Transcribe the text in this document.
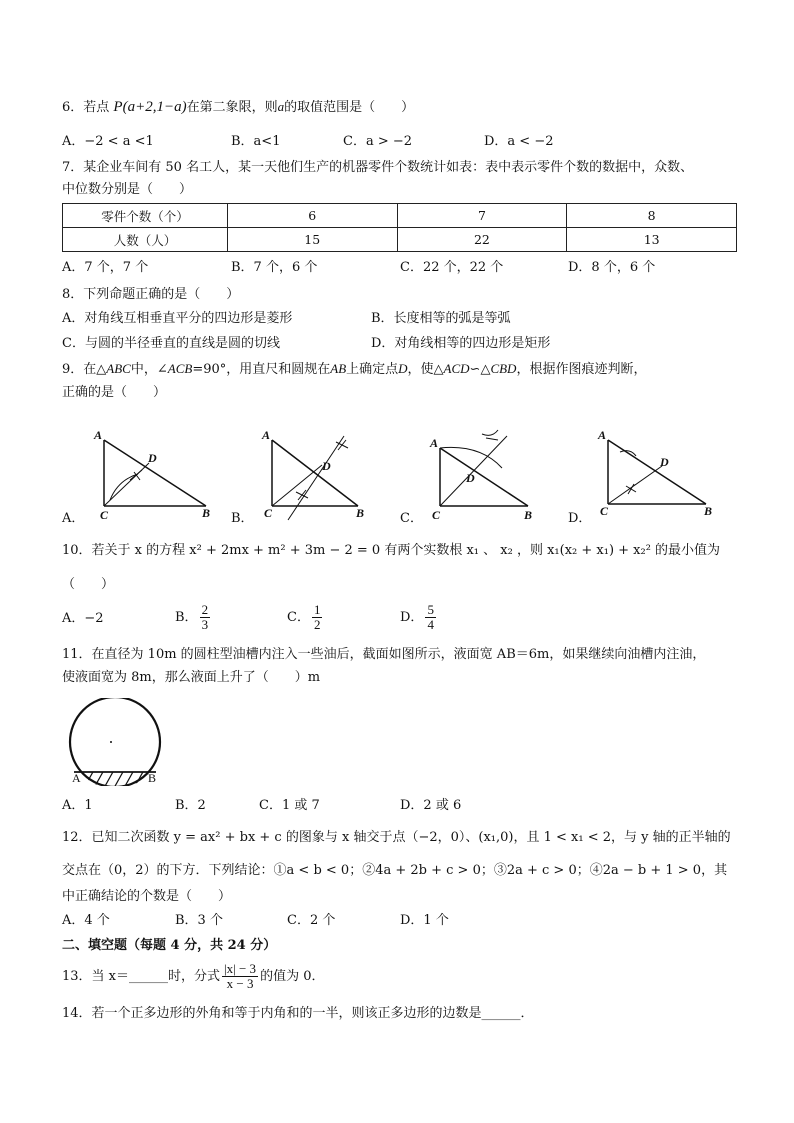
6．若点 P(a+2,1−a)在第二象限，则a的取值范围是（　　）
A．−2 < a <1	B．a<1	C．a > −2	D．a < −2
7．某企业车间有 50 名工人，某一天他们生产的机器零件个数统计如表：表中表示零件个数的数据中，众数、
中位数分别是（　　）
零件个数（个）	6	7	8
人数（人）	15	22	13
A．7 个，7 个	B．7 个，6 个	C．22 个，22 个	D．8 个，6 个
8．下列命题正确的是（　　）
A．对角线互相垂直平分的四边形是菱形	B．长度相等的弧是等弧
C．与圆的半径垂直的直线是圆的切线	D．对角线相等的四边形是矩形
9．在△ABC中，∠ACB=90°，用直尺和圆规在AB上确定点D，使△ACD∽△CBD，根据作图痕迹判断，
正确的是（　　）
A
D
C	B
A
D
C	B
A
D
C	B
A
D
C	B
A．	B．	C．	D．
10．若关于 x 的方程 x² + 2mx + m² + 3m − 2 = 0 有两个实数根 x₁ 、 x₂ ，则 x₁(x₂ + x₁) + x₂² 的最小值为
（　　）
A．−2	B． $\frac{2}{3}$	C． $\frac{1}{2}$	D． $\frac{5}{4}$
11．在直径为 10m 的圆柱型油槽内注入一些油后，截面如图所示，液面宽 AB＝6m，如果继续向油槽内注油，
使液面宽为 8m，那么液面上升了（　　）m
A	B
A．1	B．2	C．1 或 7	D．2 或 6
12．已知二次函数 y = ax² + bx + c 的图象与 x 轴交于点（−2，0）、(x₁,0)，且 1 < x₁ < 2，与 y 轴的正半轴的
交点在（0，2）的下方．下列结论：①a < b < 0；②4a + 2b + c > 0；③2a + c > 0；④2a − b + 1 > 0，其
中正确结论的个数是（　　）
A．4 个	B．3 个	C．2 个	D．1 个
二、填空题（每题 4 分，共 24 分）
13．当 x＝______时，分式 $\frac{|x| - 3}{x - 3}$ 的值为 0．
14．若一个正多边形的外角和等于内角和的一半，则该正多边形的边数是______．
